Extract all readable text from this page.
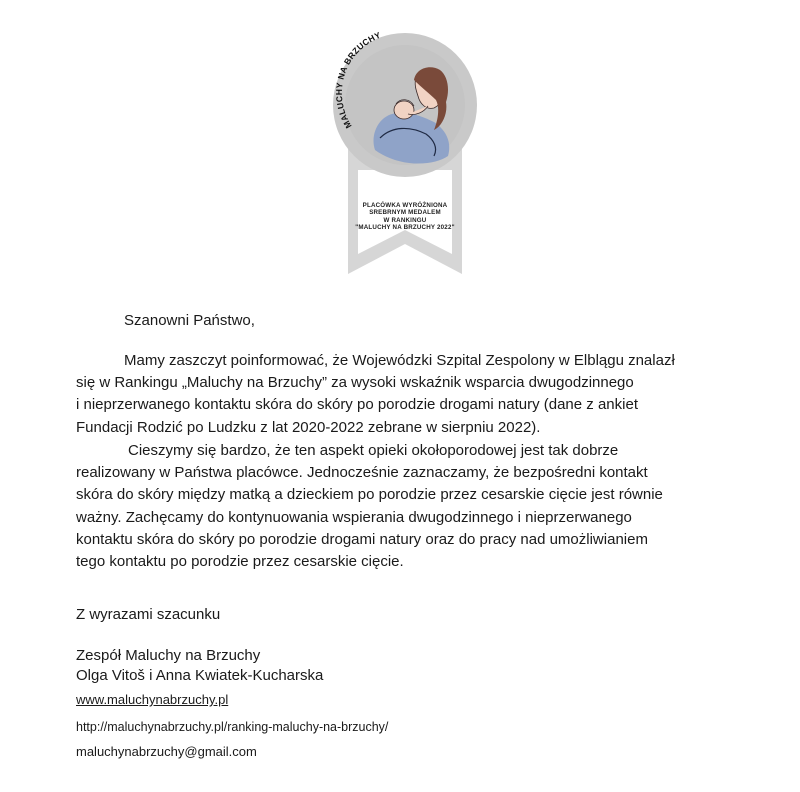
MALUCHY NA BRZUCHY
PLACÓWKA WYRÓŻNIONA
SREBRNYM MEDALEM
W RANKINGU
"MALUCHY NA BRZUCHY 2022"
Szanowni Państwo,
Mamy zaszczyt poinformować, że Wojewódzki Szpital Zespolony w Elblągu znalazł
się w Rankingu „Maluchy na Brzuchy” za wysoki wskaźnik wsparcia dwugodzinnego
i nieprzerwanego kontaktu skóra do skóry po porodzie drogami natury (dane z ankiet
Fundacji Rodzić po Ludzku z lat 2020-2022 zebrane w sierpniu 2022).
Cieszymy się bardzo, że ten aspekt opieki okołoporodowej jest tak dobrze
realizowany w Państwa placówce. Jednocześnie zaznaczamy, że bezpośredni kontakt
skóra do skóry między matką a dzieckiem po porodzie przez cesarskie cięcie jest równie
ważny. Zachęcamy do kontynuowania wspierania dwugodzinnego i nieprzerwanego
kontaktu skóra do skóry po porodzie drogami natury oraz do pracy nad umożliwianiem
tego kontaktu po porodzie przez cesarskie cięcie.
Z wyrazami szacunku
Zespół Maluchy na Brzuchy
Olga Vitoš i Anna Kwiatek-Kucharska
www.maluchynabrzuchy.pl
http://maluchynabrzuchy.pl/ranking-maluchy-na-brzuchy/
maluchynabrzuchy@gmail.com
